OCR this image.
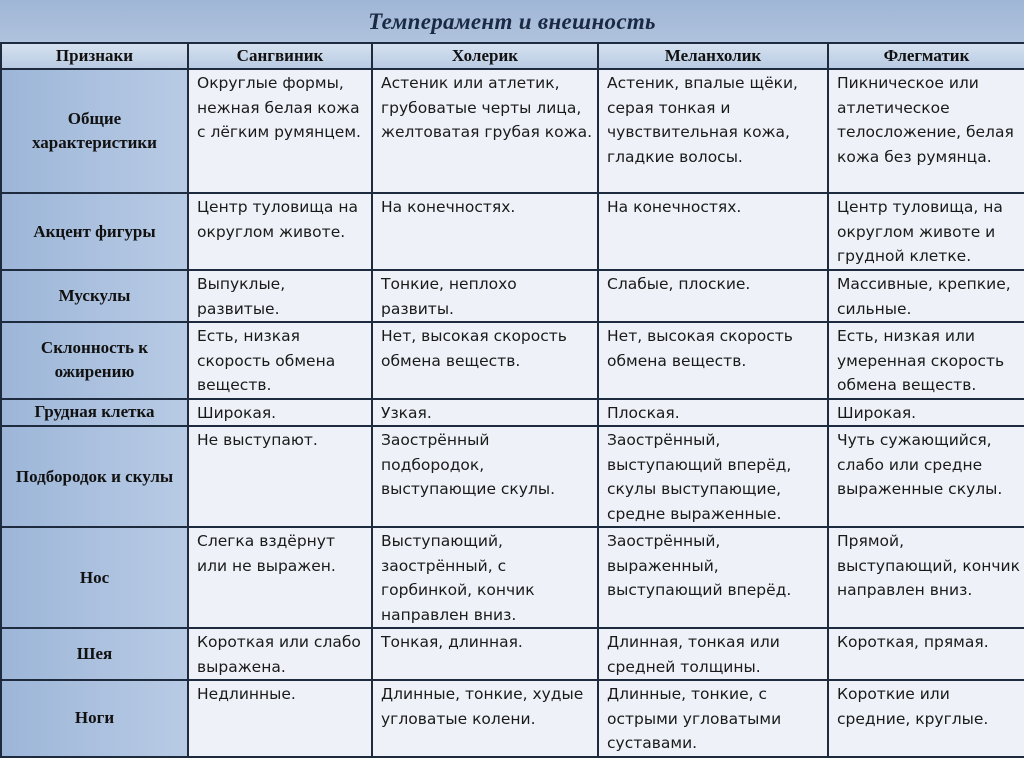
Темперамент и внешность
Признаки	Сангвиник	Холерик	Меланхолик	Флегматик
Общие характеристики	Округлые формы, нежная белая кожа с лёгким румянцем.	Астеник или атлетик, грубоватые черты лица, желтоватая грубая кожа.	Астеник, впалые щёки, серая тонкая и чувствительная кожа, гладкие волосы.	Пикническое или атлетическое телосложение, белая кожа без румянца.
Акцент фигуры	Центр туловища на округлом животе.	На конечностях.	На конечностях.	Центр туловища, на округлом животе и грудной клетке.
Мускулы	Выпуклые, развитые.	Тонкие, неплохо развиты.	Слабые, плоские.	Массивные, крепкие, сильные.
Склонность к ожирению	Есть, низкая скорость обмена веществ.	Нет, высокая скорость обмена веществ.	Нет, высокая скорость обмена веществ.	Есть, низкая или умеренная скорость обмена веществ.
Грудная клетка	Широкая.	Узкая.	Плоская.	Широкая.
Подбородок и скулы	Не выступают.	Заострённый подбородок, выступающие скулы.	Заострённый, выступающий вперёд, скулы выступающие, средне выраженные.	Чуть сужающийся, слабо или средне выраженные скулы.
Нос	Слегка вздёрнут или не выражен.	Выступающий, заострённый, с горбинкой, кончик направлен вниз.	Заострённый, выраженный, выступающий вперёд.	Прямой, выступающий, кончик направлен вниз.
Шея	Короткая или слабо выражена.	Тонкая, длинная.	Длинная, тонкая или средней толщины.	Короткая, прямая.
Ноги	Недлинные.	Длинные, тонкие, худые угловатые колени.	Длинные, тонкие, с острыми угловатыми суставами.	Короткие или средние, круглые.
